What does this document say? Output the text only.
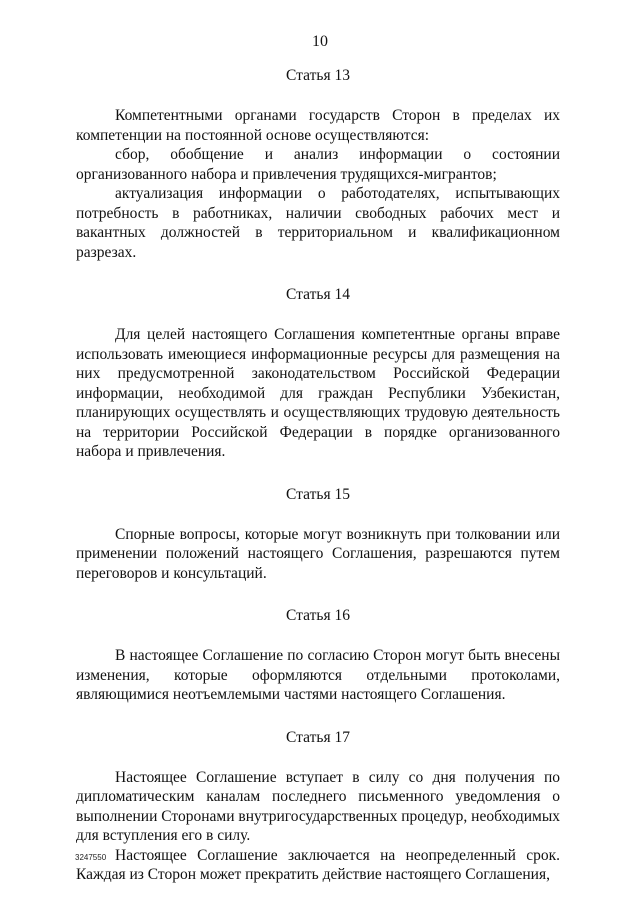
10
Статья 13

Компетентными органами государств Сторон в пределах их компетенции на постоянной основе осуществляются:

сбор, обобщение и анализ информации о состоянии организованного набора и привлечения трудящихся-мигрантов;

актуализация информации о работодателях, испытывающих потребность в работниках, наличии свободных рабочих мест и вакантных должностей в территориальном и квалификационном разрезах.

Статья 14

Для целей настоящего Соглашения компетентные органы вправе использовать имеющиеся информационные ресурсы для размещения на них предусмотренной законодательством Российской Федерации информации, необходимой для граждан Республики Узбекистан, планирующих осуществлять и осуществляющих трудовую деятельность на территории Российской Федерации в порядке организованного набора и привлечения.

Статья 15

Спорные вопросы, которые могут возникнуть при толковании или применении положений настоящего Соглашения, разрешаются путем переговоров и консультаций.

Статья 16

В настоящее Соглашение по согласию Сторон могут быть внесены изменения, которые оформляются отдельными протоколами, являющимися неотъемлемыми частями настоящего Соглашения.

Статья 17

Настоящее Соглашение вступает в силу со дня получения по дипломатическим каналам последнего письменного уведомления о выполнении Сторонами внутригосударственных процедур, необходимых для вступления его в силу.

Настоящее Соглашение заключается на неопределенный срок. Каждая из Сторон может прекратить действие настоящего Соглашения,

3247550
